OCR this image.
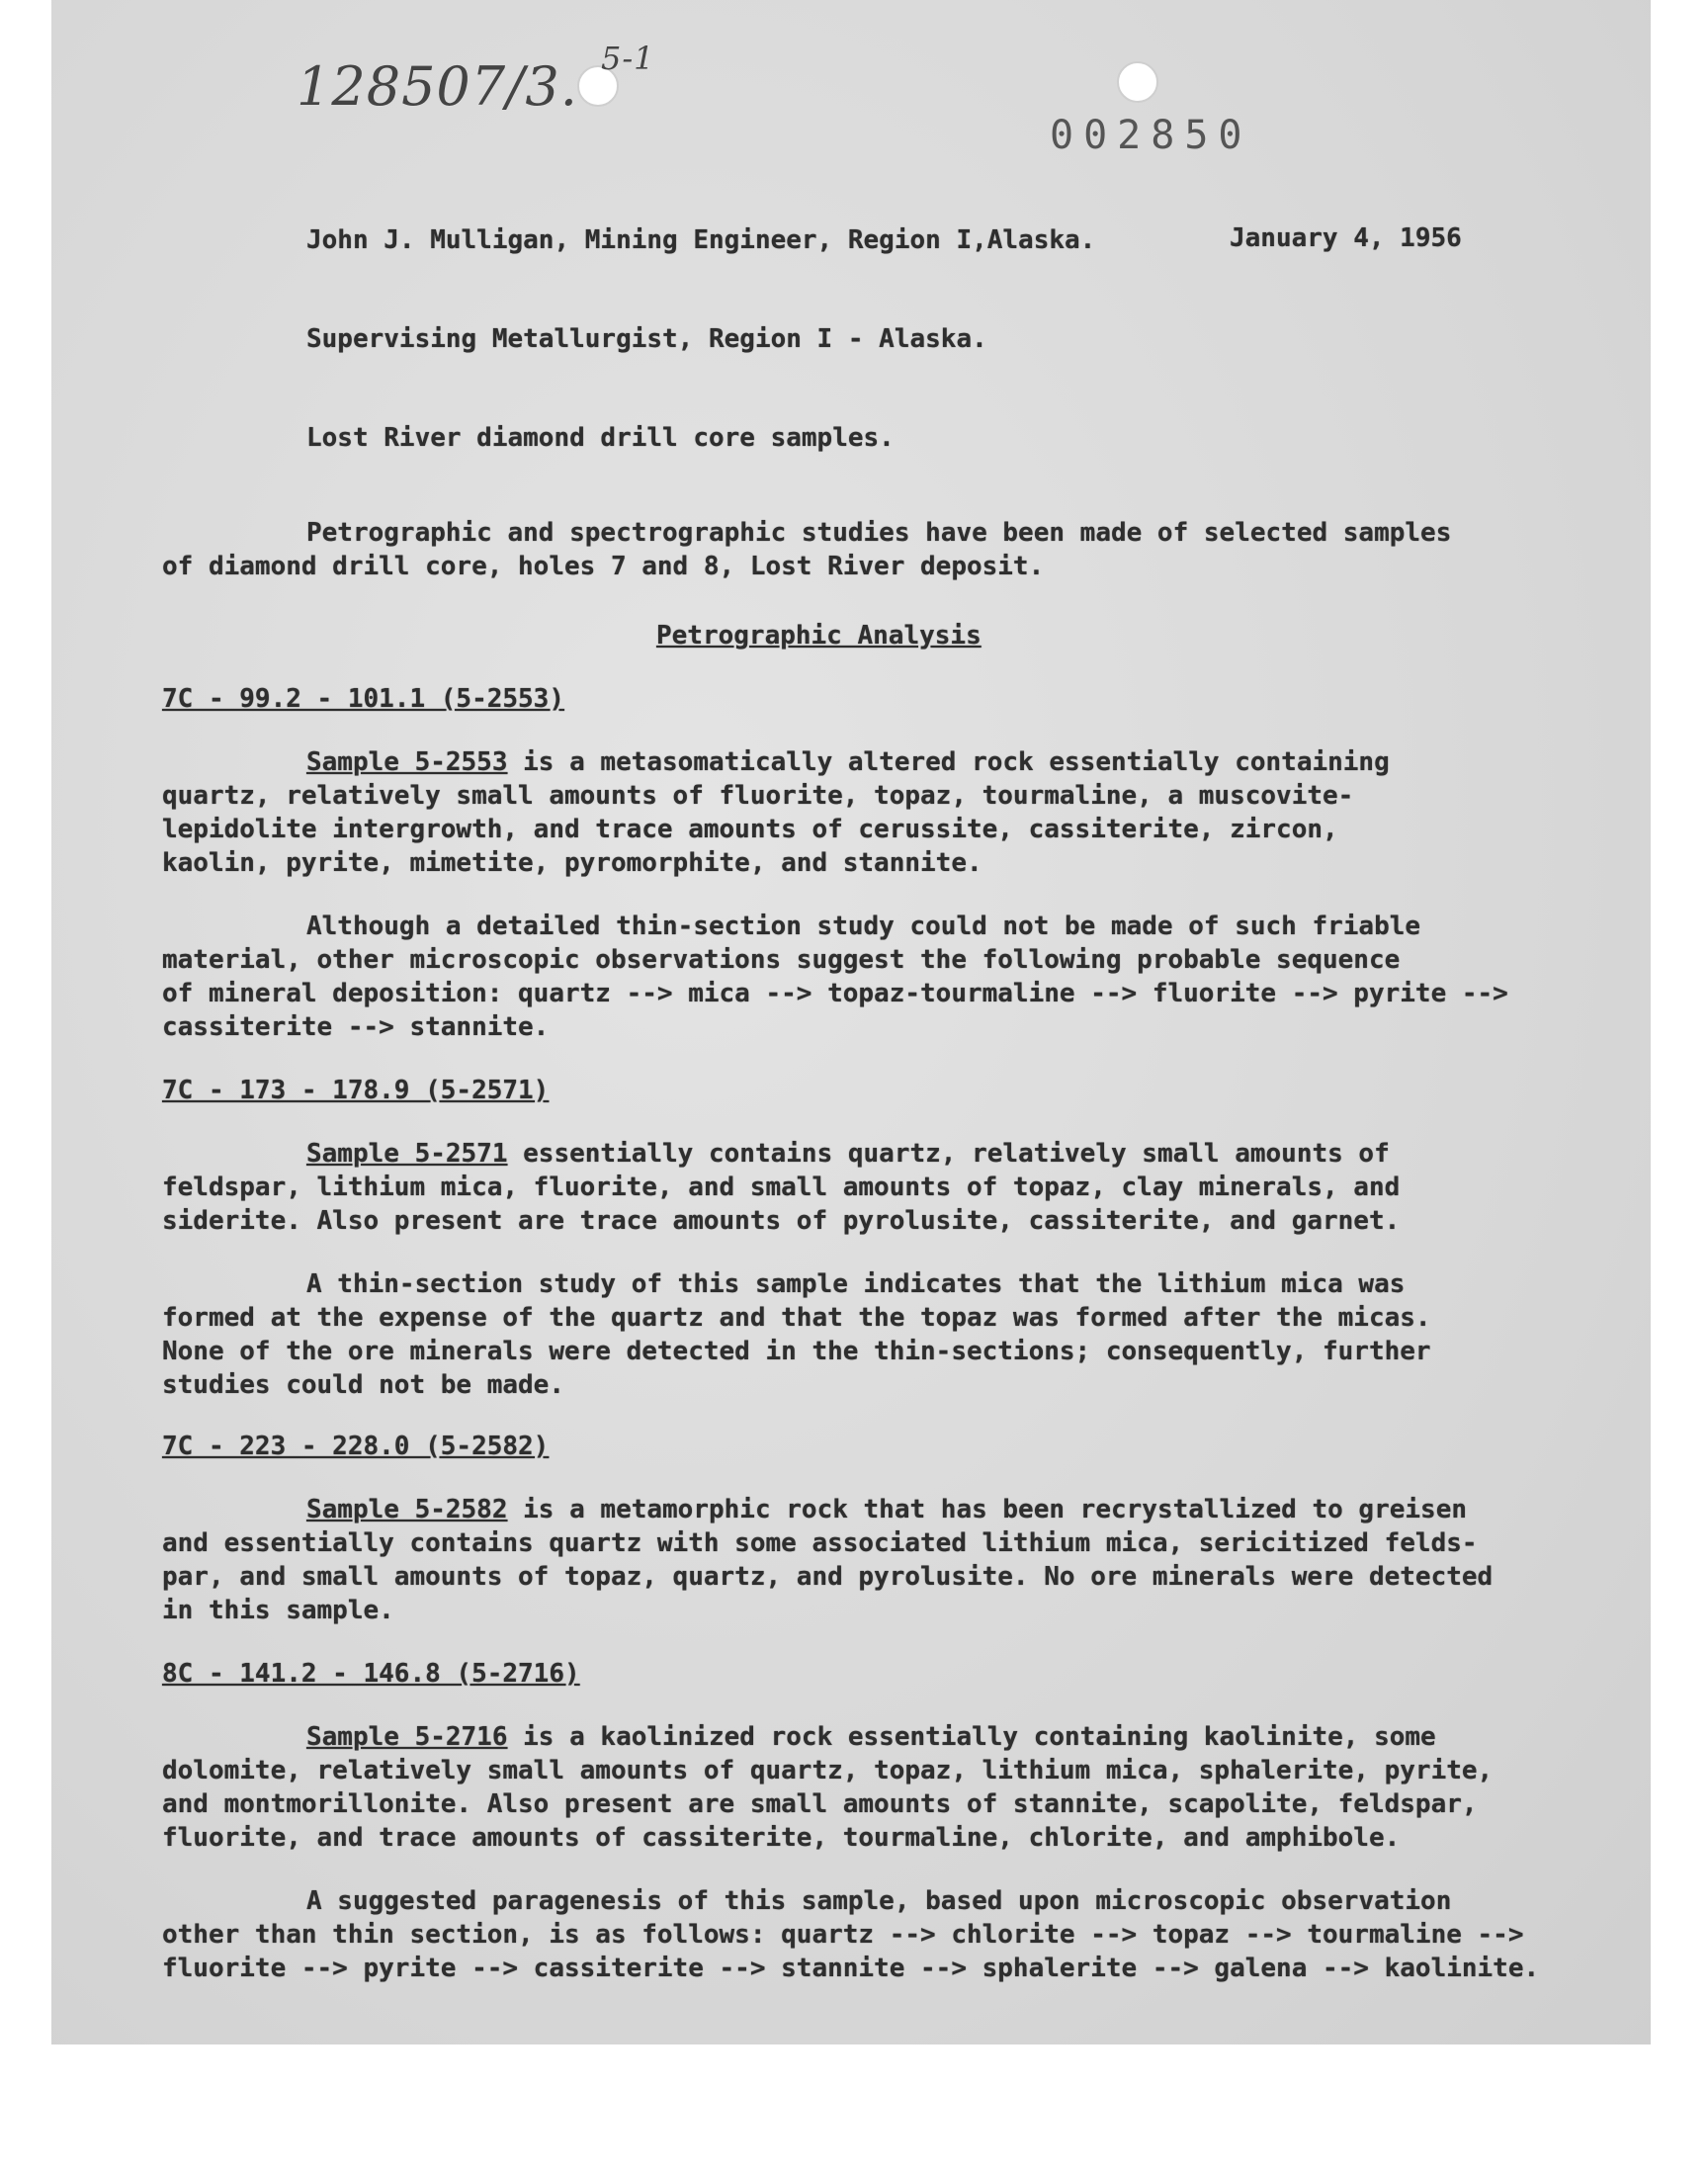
128507/3. 5-1
002850
John J. Mulligan, Mining Engineer, Region I,Alaska.	January 4, 1956
Supervising Metallurgist, Region I - Alaska.
Lost River diamond drill core samples.
Petrographic and spectrographic studies have been made of selected samples
of diamond drill core, holes 7 and 8, Lost River deposit.
Petrographic Analysis
7C - 99.2 - 101.1 (5-2553)
Sample 5-2553 is a metasomatically altered rock essentially containing
quartz, relatively small amounts of fluorite, topaz, tourmaline, a muscovite-
lepidolite intergrowth, and trace amounts of cerussite, cassiterite, zircon,
kaolin, pyrite, mimetite, pyromorphite, and stannite.
Although a detailed thin-section study could not be made of such friable
material, other microscopic observations suggest the following probable sequence
of mineral deposition: quartz --> mica --> topaz-tourmaline --> fluorite --> pyrite -->
cassiterite --> stannite.
7C - 173 - 178.9 (5-2571)
Sample 5-2571 essentially contains quartz, relatively small amounts of
feldspar, lithium mica, fluorite, and small amounts of topaz, clay minerals, and
siderite. Also present are trace amounts of pyrolusite, cassiterite, and garnet.
A thin-section study of this sample indicates that the lithium mica was
formed at the expense of the quartz and that the topaz was formed after the micas.
None of the ore minerals were detected in the thin-sections; consequently, further
studies could not be made.
7C - 223 - 228.0 (5-2582)
Sample 5-2582 is a metamorphic rock that has been recrystallized to greisen
and essentially contains quartz with some associated lithium mica, sericitized felds-
par, and small amounts of topaz, quartz, and pyrolusite. No ore minerals were detected
in this sample.
8C - 141.2 - 146.8 (5-2716)
Sample 5-2716 is a kaolinized rock essentially containing kaolinite, some
dolomite, relatively small amounts of quartz, topaz, lithium mica, sphalerite, pyrite,
and montmorillonite. Also present are small amounts of stannite, scapolite, feldspar,
fluorite, and trace amounts of cassiterite, tourmaline, chlorite, and amphibole.
A suggested paragenesis of this sample, based upon microscopic observation
other than thin section, is as follows: quartz --> chlorite --> topaz --> tourmaline -->
fluorite --> pyrite --> cassiterite --> stannite --> sphalerite --> galena --> kaolinite.
